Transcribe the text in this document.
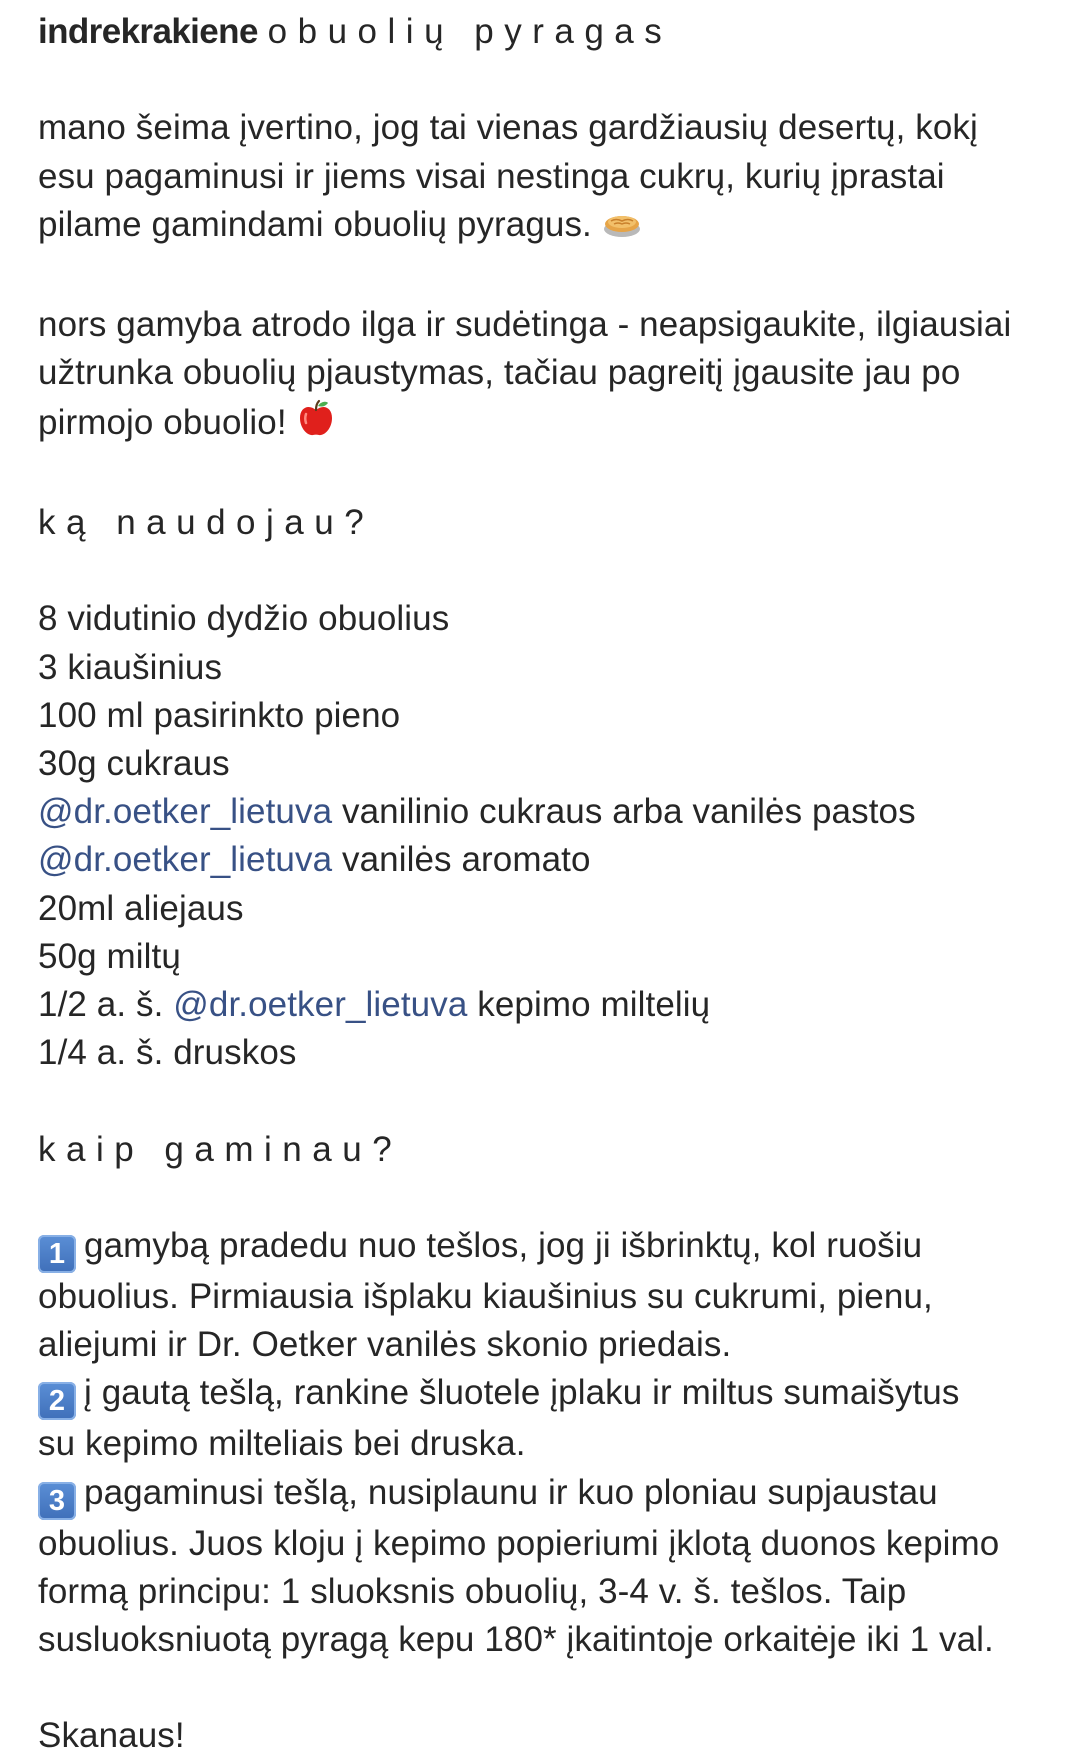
indrekrakiene obuolių pyragas
mano šeima įvertino, jog tai vienas gardžiausių desertų, kokį
esu pagaminusi ir jiems visai nestinga cukrų, kurių įprastai
pilame gamindami obuolių pyragus.
nors gamyba atrodo ilga ir sudėtinga - neapsigaukite, ilgiausiai
užtrunka obuolių pjaustymas, tačiau pagreitį įgausite jau po
pirmojo obuolio!
ką naudojau?
8 vidutinio dydžio obuolius
3 kiaušinius
100 ml pasirinkto pieno
30g cukraus
@dr.oetker_lietuva vanilinio cukraus arba vanilės pastos
@dr.oetker_lietuva vanilės aromato
20ml aliejaus
50g miltų
1/2 a. š. @dr.oetker_lietuva kepimo miltelių
1/4 a. š. druskos
kaip gaminau?
1 gamybą pradedu nuo tešlos, jog ji išbrinktų, kol ruošiu
obuolius. Pirmiausia išplaku kiaušinius su cukrumi, pienu,
aliejumi ir Dr. Oetker vanilės skonio priedais.
2 į gautą tešlą, rankine šluotele įplaku ir miltus sumaišytus
su kepimo milteliais bei druska.
3 pagaminusi tešlą, nusiplaunu ir kuo ploniau supjaustau
obuolius. Juos kloju į kepimo popieriumi įklotą duonos kepimo
formą principu: 1 sluoksnis obuolių, 3-4 v. š. tešlos. Taip
susluoksniuotą pyragą kepu 180* įkaitintoje orkaitėje iki 1 val.
Skanaus!
